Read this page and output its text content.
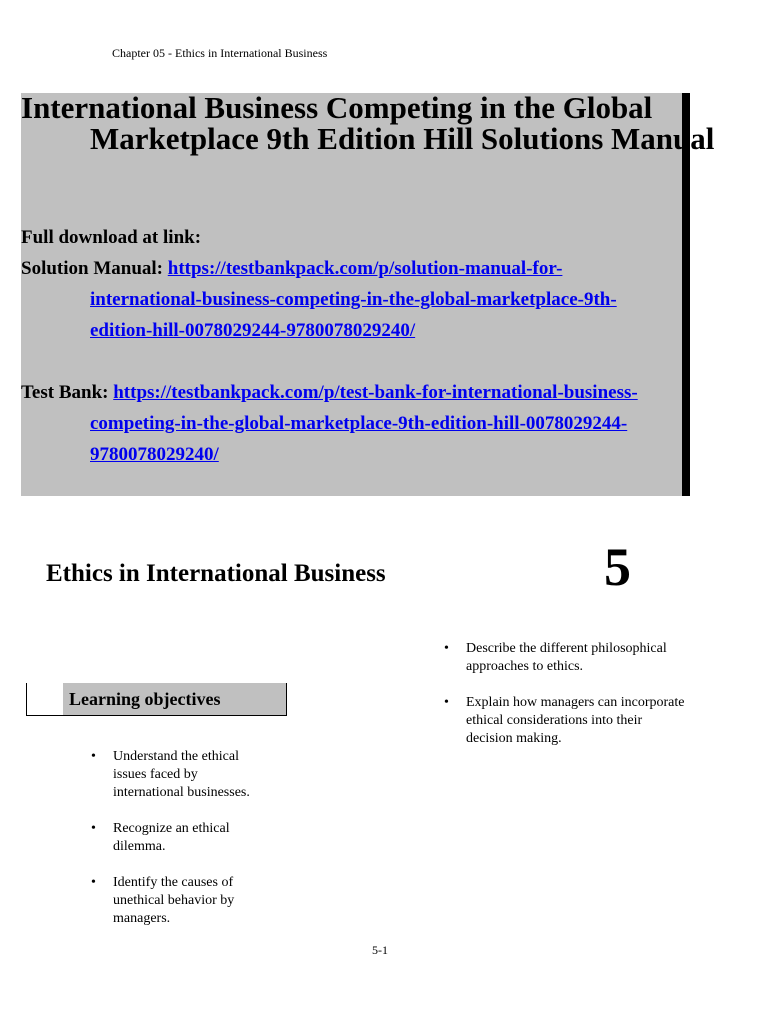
Chapter 05 - Ethics in International Business
International Business Competing in the Global Marketplace 9th Edition Hill Solutions Manual

Full download at link:

Solution Manual: https://testbankpack.com/p/solution-manual-for-international-business-competing-in-the-global-marketplace-9th-edition-hill-0078029244-9780078029240/

Test Bank: https://testbankpack.com/p/test-bank-for-international-business-competing-in-the-global-marketplace-9th-edition-hill-0078029244-9780078029240/

Ethics in International Business	5
Learning objectives
• Understand the ethical issues faced by international businesses.
• Recognize an ethical dilemma.
• Identify the causes of unethical behavior by managers.
• Describe the different philosophical approaches to ethics.
• Explain how managers can incorporate ethical considerations into their decision making.
5-1
